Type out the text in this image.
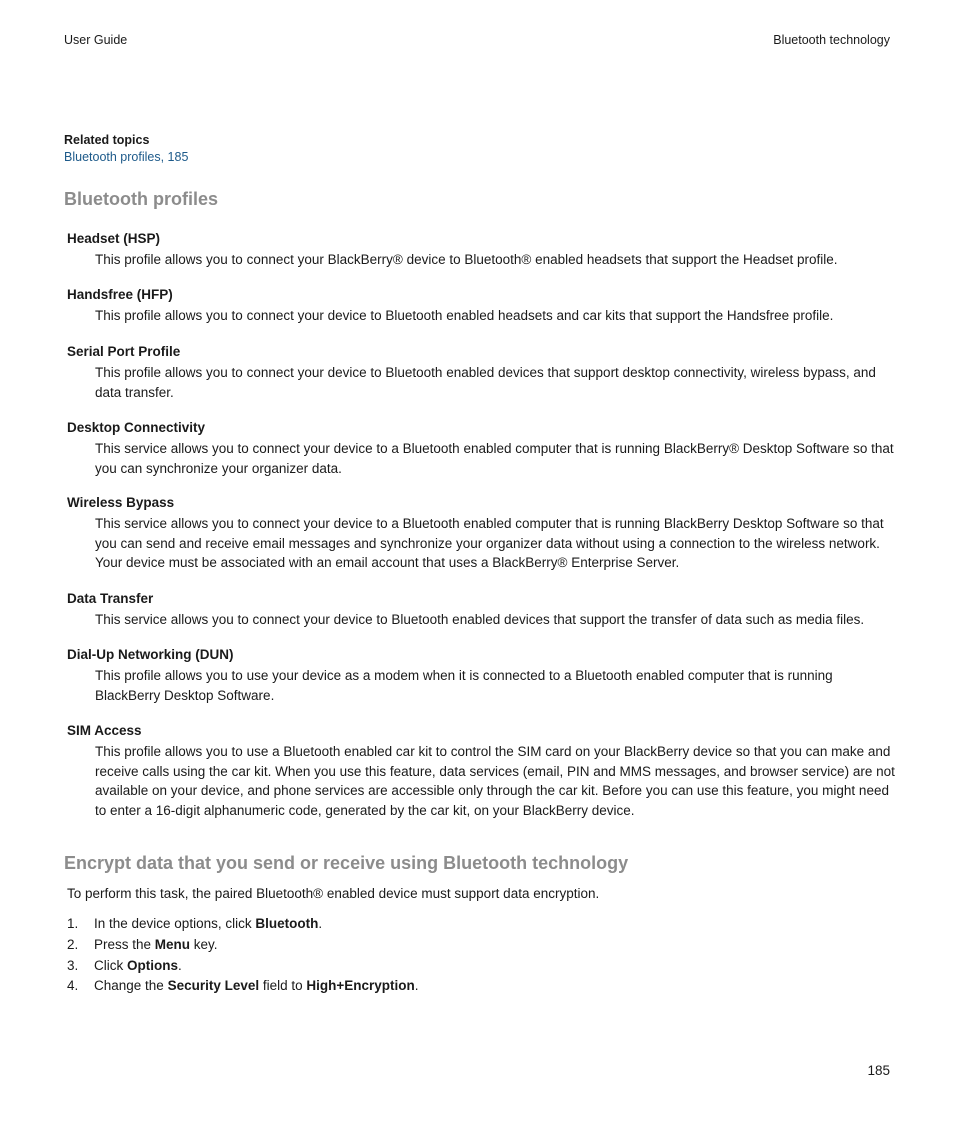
User Guide	Bluetooth technology
Related topics
Bluetooth profiles, 185
Bluetooth profiles
Headset (HSP)
This profile allows you to connect your BlackBerry® device to Bluetooth® enabled headsets that support the Headset profile.
Handsfree (HFP)
This profile allows you to connect your device to Bluetooth enabled headsets and car kits that support the Handsfree profile.
Serial Port Profile
This profile allows you to connect your device to Bluetooth enabled devices that support desktop connectivity, wireless bypass, and data transfer.
Desktop Connectivity
This service allows you to connect your device to a Bluetooth enabled computer that is running BlackBerry® Desktop Software so that you can synchronize your organizer data.
Wireless Bypass
This service allows you to connect your device to a Bluetooth enabled computer that is running BlackBerry Desktop Software so that you can send and receive email messages and synchronize your organizer data without using a connection to the wireless network. Your device must be associated with an email account that uses a BlackBerry® Enterprise Server.
Data Transfer
This service allows you to connect your device to Bluetooth enabled devices that support the transfer of data such as media files.
Dial-Up Networking (DUN)
This profile allows you to use your device as a modem when it is connected to a Bluetooth enabled computer that is running BlackBerry Desktop Software.
SIM Access
This profile allows you to use a Bluetooth enabled car kit to control the SIM card on your BlackBerry device so that you can make and receive calls using the car kit. When you use this feature, data services (email, PIN and MMS messages, and browser service) are not available on your device, and phone services are accessible only through the car kit. Before you can use this feature, you might need to enter a 16-digit alphanumeric code, generated by the car kit, on your BlackBerry device.
Encrypt data that you send or receive using Bluetooth technology
To perform this task, the paired Bluetooth® enabled device must support data encryption.
1. In the device options, click Bluetooth.
2. Press the Menu key.
3. Click Options.
4. Change the Security Level field to High+Encryption.
185
